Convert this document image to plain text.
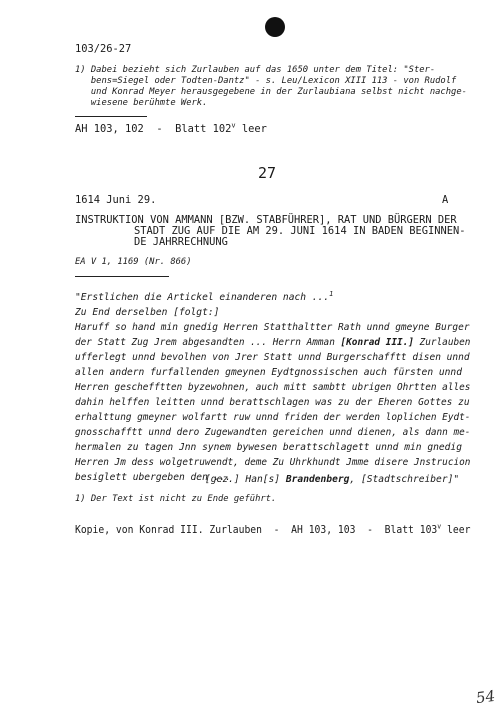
103/26-27
1) Dabei bezieht sich Zurlauben auf das 1650 unter dem Titel: "Ster-
bens=Siegel oder Todten-Dantz" - s. Leu/Lexicon XIII 113 - von Rudolf
und Konrad Meyer herausgegebene in der Zurlaubiana selbst nicht nachge-
wiesene berühmte Werk.
AH 103, 102  -  Blatt 102$^v$ leer
27
1614 Juni 29.	A
INSTRUKTION VON AMMANN [BZW. STABFÜHRER], RAT UND BÜRGERN DER
STADT ZUG AUF DIE AM 29. JUNI 1614 IN BADEN BEGINNEN-
DE JAHRRECHNUNG
EA V 1, 1169 (Nr. 866)
"Erstlichen die Artickel einanderen nach ...$^1$
Zu End derselben [folgt:]
Haruff so hand min gnedig Herren Statthaltter Rath unnd gmeyne Burger
der Statt Zug Jrem abgesandten ... Herrn Amman [Konrad III.] Zurlauben
ufferlegt unnd bevolhen von Jrer Statt unnd Burgerschafftt disen unnd
allen andern furfallenden gmeynen Eydtgnossischen auch fürsten unnd
Herren geschefftten byzewohnen, auch mitt sambtt ubrigen Ohrtten alles
dahin helffen leitten unnd berattschlagen was zu der Eheren Gottes zu
erhalttung gmeyner wolfartt ruw unnd friden der werden loplichen Eydt-
gnosschafftt unnd dero Zugewandten gereichen unnd dienen, als dann me-
hermalen zu tagen Jnn synem bywesen berattschlagett unnd min gnedig
Herren Jm dess wolgetruwendt, deme Zu Uhrkhundt Jmme disere Jnstrucion
besiglett ubergeben den ...
[gez.] Han[s] Brandenberg, [Stadtschreiber]"
1) Der Text ist nicht zu Ende geführt.
Kopie, von Konrad III. Zurlauben  -  AH 103, 103  -  Blatt 103$^v$ leer
54
